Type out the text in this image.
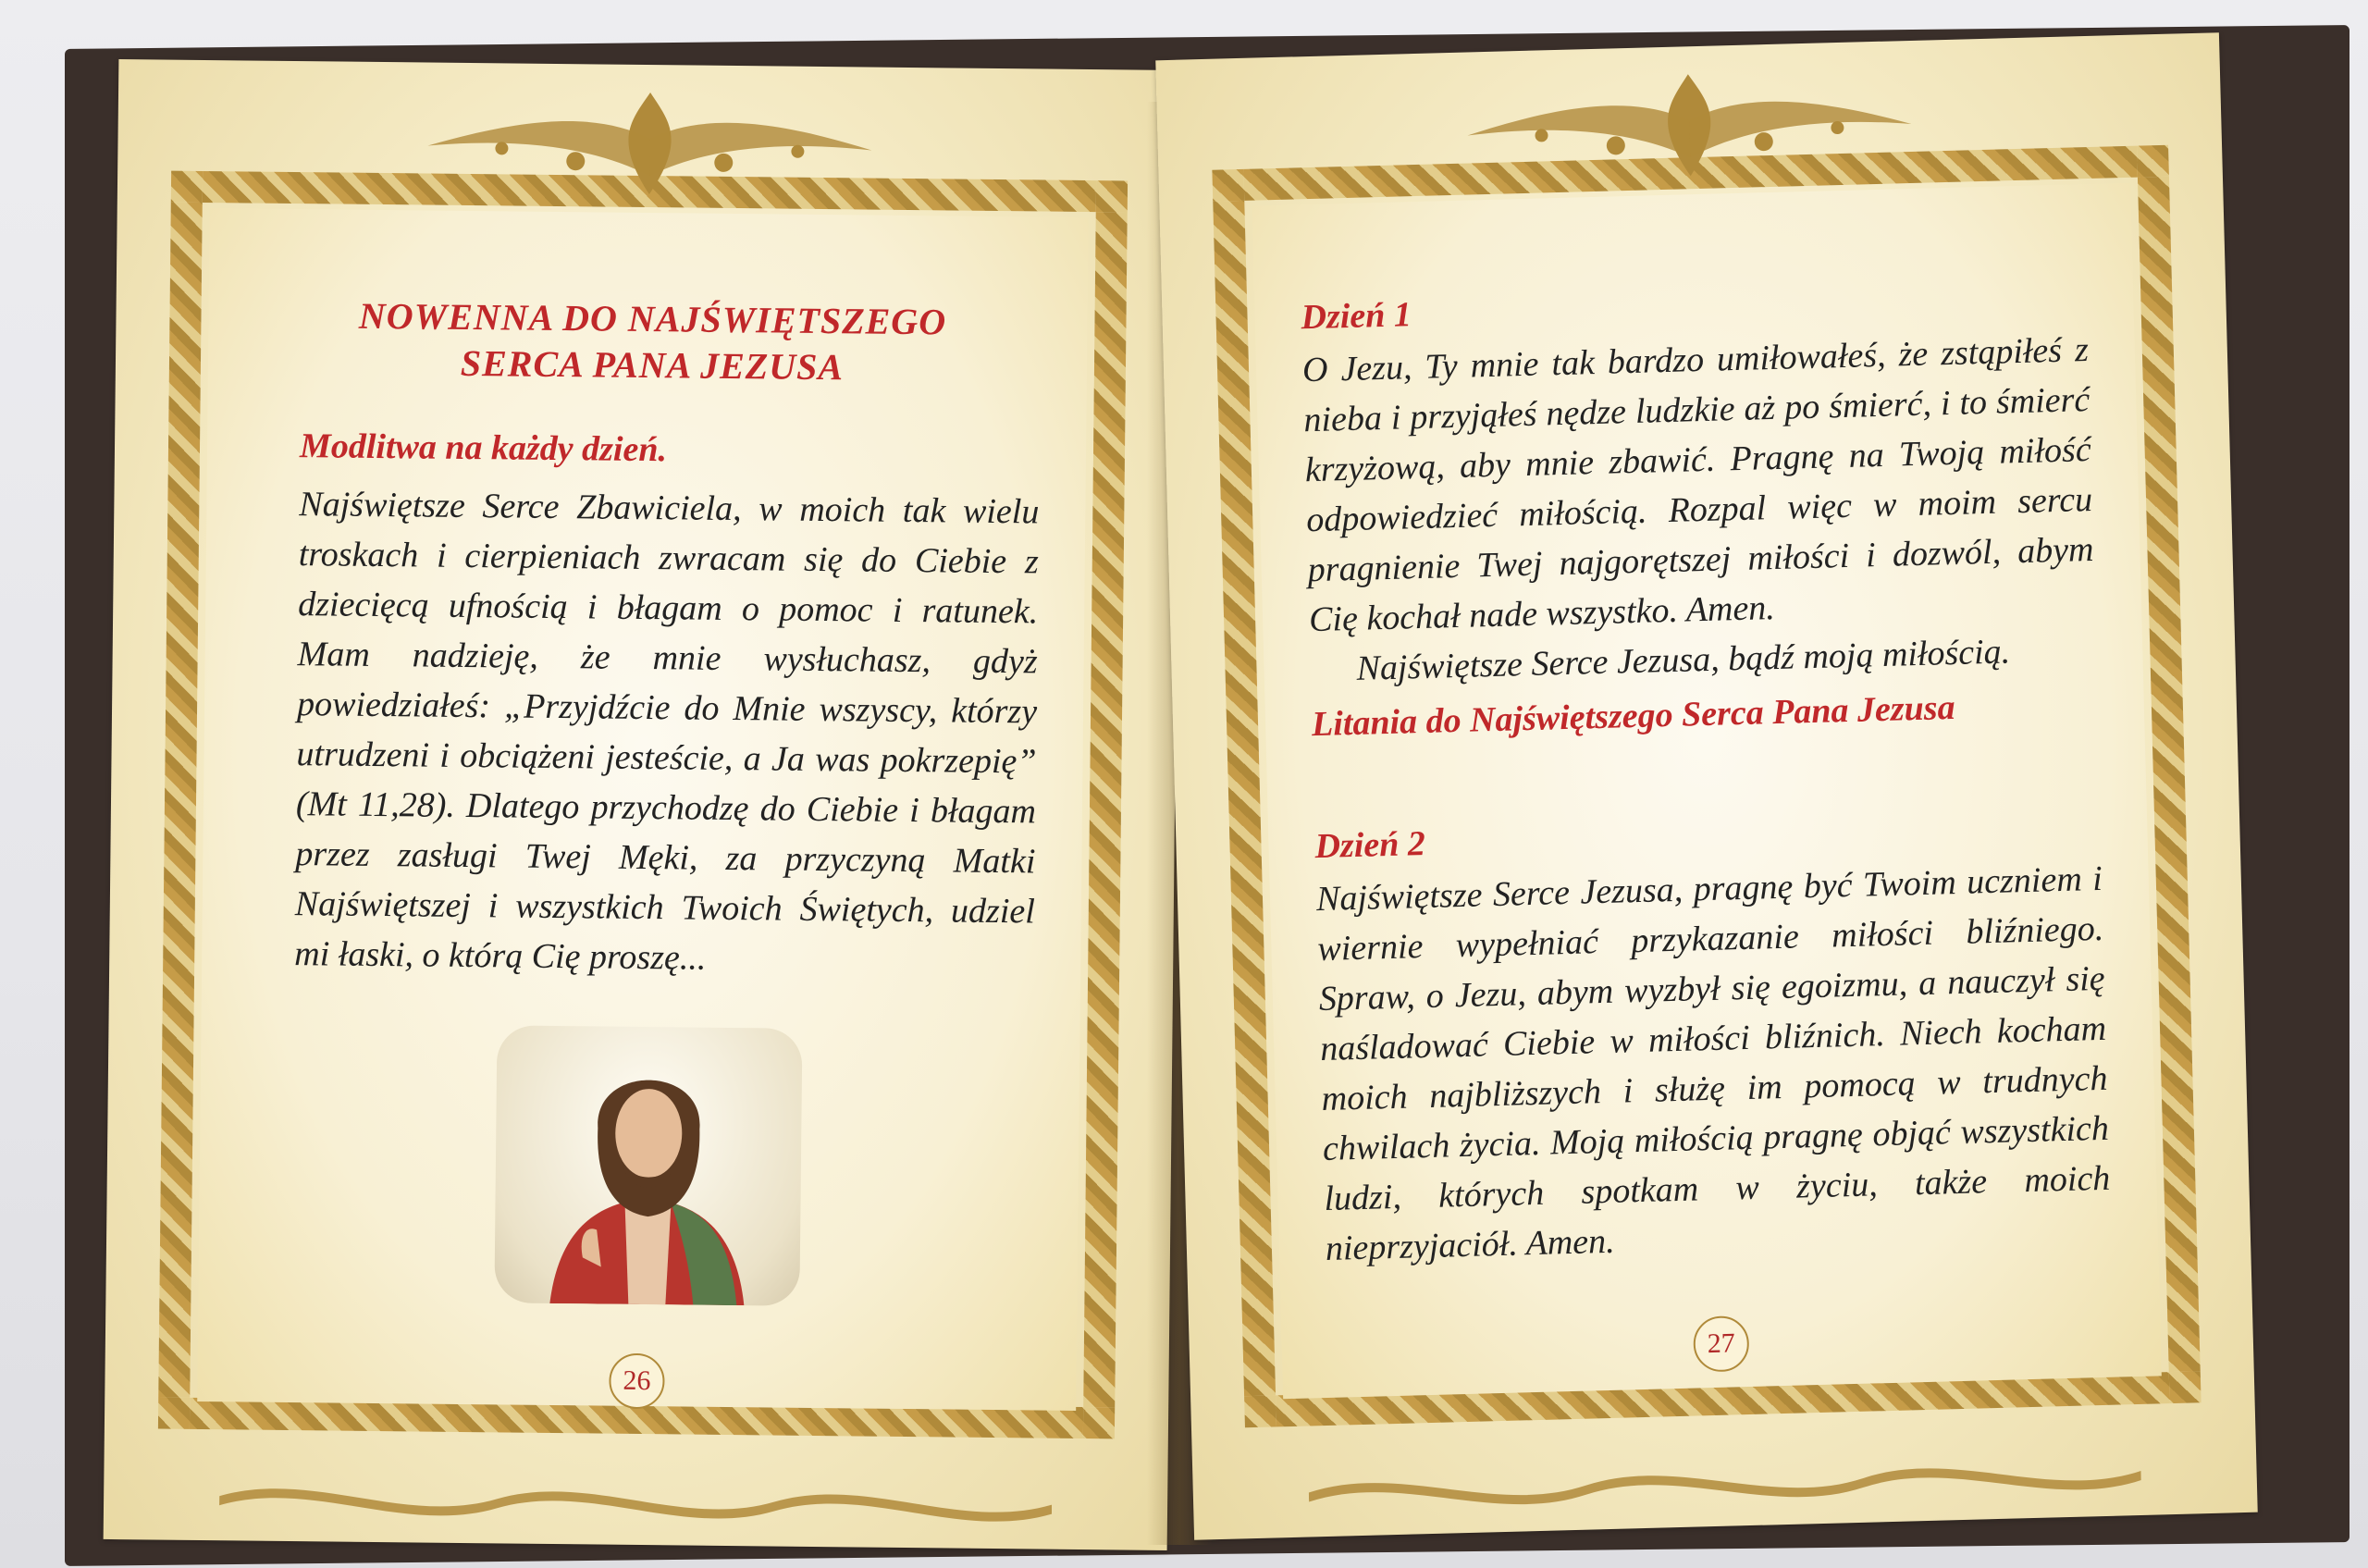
NOWENNA DO NAJŚWIĘTSZEGO
SERCA PANA JEZUSA
Modlitwa na każdy dzień.
Najświętsze Serce Zbawiciela, w moich tak wielu troskach i cierpieniach zwracam się do Ciebie z dziecięcą ufnością i błagam o pomoc i ratunek. Mam nadzieję, że mnie wysłuchasz, gdyż powiedziałeś: „Przyjdźcie do Mnie wszyscy, którzy utrudzeni i obciążeni jesteście, a Ja was pokrzepię” (Mt 11,28). Dlatego przychodzę do Ciebie i błagam przez zasługi Twej Męki, za przyczyną Matki Najświętszej i wszystkich Twoich Świętych, udziel mi łaski, o którą Cię proszę...
26
Dzień 1
O Jezu, Ty mnie tak bardzo umiłowałeś, że zstąpiłeś z nieba i przyjąłeś nędze ludzkie aż po śmierć, i to śmierć krzyżową, aby mnie zbawić. Pragnę na Twoją miłość odpowiedzieć miłością. Rozpal więc w moim sercu pragnienie Twej najgorętszej miłości i dozwól, abym Cię kochał nade wszystko. Amen.
Najświętsze Serce Jezusa, bądź moją miłością.
Litania do Najświętszego Serca Pana Jezusa
Dzień 2
Najświętsze Serce Jezusa, pragnę być Twoim uczniem i wiernie wypełniać przykazanie miłości bliźniego. Spraw, o Jezu, abym wyzbył się egoizmu, a nauczył się naśladować Ciebie w miłości bliźnich. Niech kocham moich najbliższych i służę im pomocą w trudnych chwilach życia. Moją miłością pragnę objąć wszystkich ludzi, których spotkam w życiu, także moich nieprzyjaciół. Amen.
27
